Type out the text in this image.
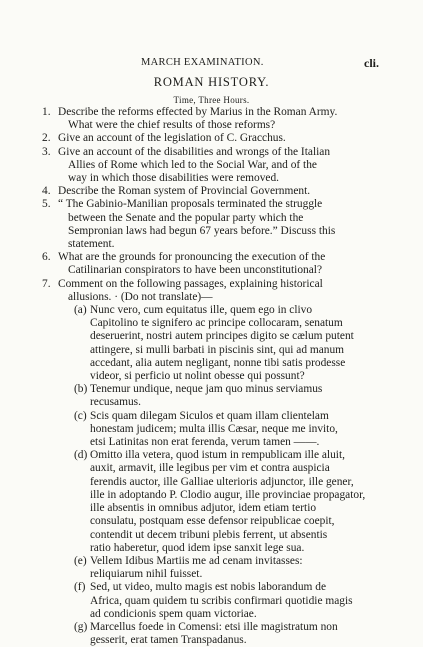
MARCH EXAMINATION.	cli.
ROMAN HISTORY.
Time, Three Hours.
1. Describe the reforms effected by Marius in the Roman Army.
What were the chief results of those reforms?
2. Give an account of the legislation of C. Gracchus.
3. Give an account of the disabilities and wrongs of the Italian
Allies of Rome which led to the Social War, and of the
way in which those disabilities were removed.
4. Describe the Roman system of Provincial Government.
5. “ The Gabinio-Manilian proposals terminated the struggle
between the Senate and the popular party which the
Sempronian laws had begun 67 years before.” Discuss this
statement.
6. What are the grounds for pronouncing the execution of the
Catilinarian conspirators to have been unconstitutional?
7. Comment on the following passages, explaining historical
allusions. · (Do not translate)—
(a) Nunc vero, cum equitatus ille, quem ego in clivo
Capitolino te signifero ac principe collocaram, senatum
deseruerint, nostri autem principes digito se cælum putent
attingere, si mulli barbati in piscinis sint, qui ad manum
accedant, alia autem negligant, nonne tibi satis prodesse
videor, si perficio ut nolint obesse qui possunt?
(b) Tenemur undique, neque jam quo minus serviamus
recusamus.
(c) Scis quam dilegam Siculos et quam illam clientelam
honestam judicem; multa illis Cæsar, neque me invito,
etsi Latinitas non erat ferenda, verum tamen ——.
(d) Omitto illa vetera, quod istum in rempublicam ille aluit,
auxit, armavit, ille legibus per vim et contra auspicia
ferendis auctor, ille Galliae ulterioris adjunctor, ille gener,
ille in adoptando P. Clodio augur, ille provinciae propagator,
ille absentis in omnibus adjutor, idem etiam tertio
consulatu, postquam esse defensor reipublicae coepit,
contendit ut decem tribuni plebis ferrent, ut absentis
ratio haberetur, quod idem ipse sanxit lege sua.
(e) Vellem Idibus Martiis me ad cenam invitasses:
reliquiarum nihil fuisset.
(f) Sed, ut video, multo magis est nobis laborandum de
Africa, quam quidem tu scribis confirmari quotidie magis
ad condicionis spem quam victoriae.
(g) Marcellus foede in Comensi: etsi ille magistratum non
gesserit, erat tamen Transpadanus.
